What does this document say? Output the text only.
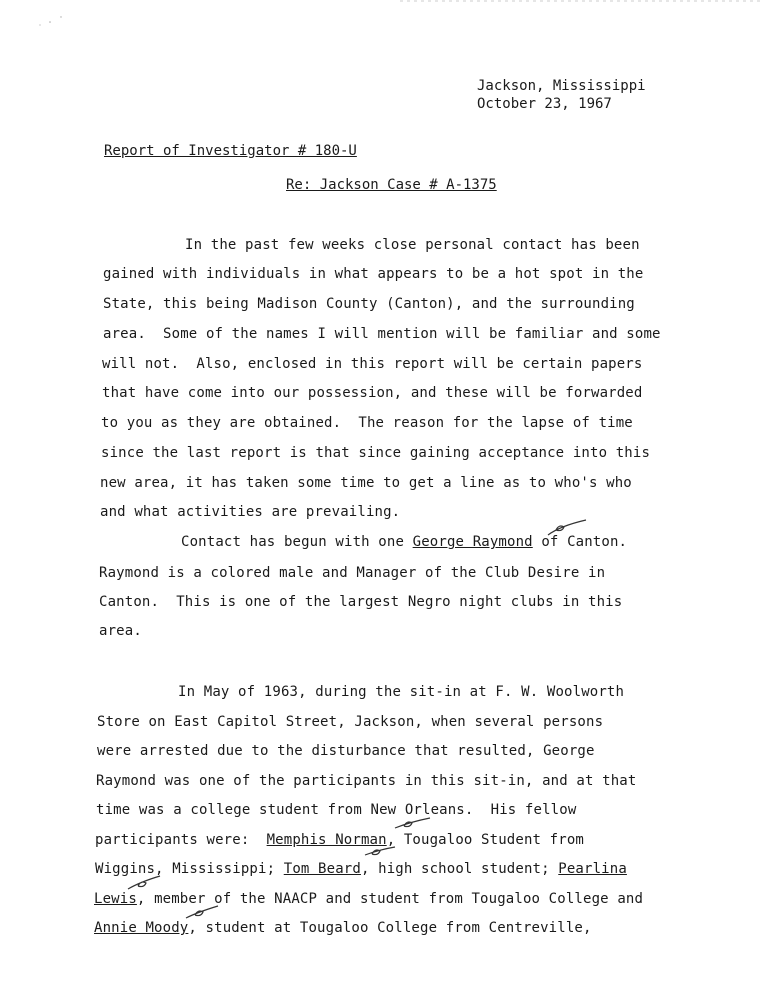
Jackson, Mississippi
October 23, 1967
Report of Investigator # 180-U
Re: Jackson Case # A-1375
In the past few weeks close personal contact has been
gained with individuals in what appears to be a hot spot in the
State, this being Madison County (Canton), and the surrounding
area.  Some of the names I will mention will be familiar and some
will not.  Also, enclosed in this report will be certain papers
that have come into our possession, and these will be forwarded
to you as they are obtained.  The reason for the lapse of time
since the last report is that since gaining acceptance into this
new area, it has taken some time to get a line as to who's who
and what activities are prevailing.
Contact has begun with one George Raymond of Canton.
Raymond is a colored male and Manager of the Club Desire in
Canton.  This is one of the largest Negro night clubs in this
area.
In May of 1963, during the sit-in at F. W. Woolworth
Store on East Capitol Street, Jackson, when several persons
were arrested due to the disturbance that resulted, George
Raymond was one of the participants in this sit-in, and at that
time was a college student from New Orleans.  His fellow
participants were:  Memphis Norman, Tougaloo Student from
Wiggins, Mississippi; Tom Beard, high school student; Pearlina
Lewis, member of the NAACP and student from Tougaloo College and
Annie Moody, student at Tougaloo College from Centreville,
